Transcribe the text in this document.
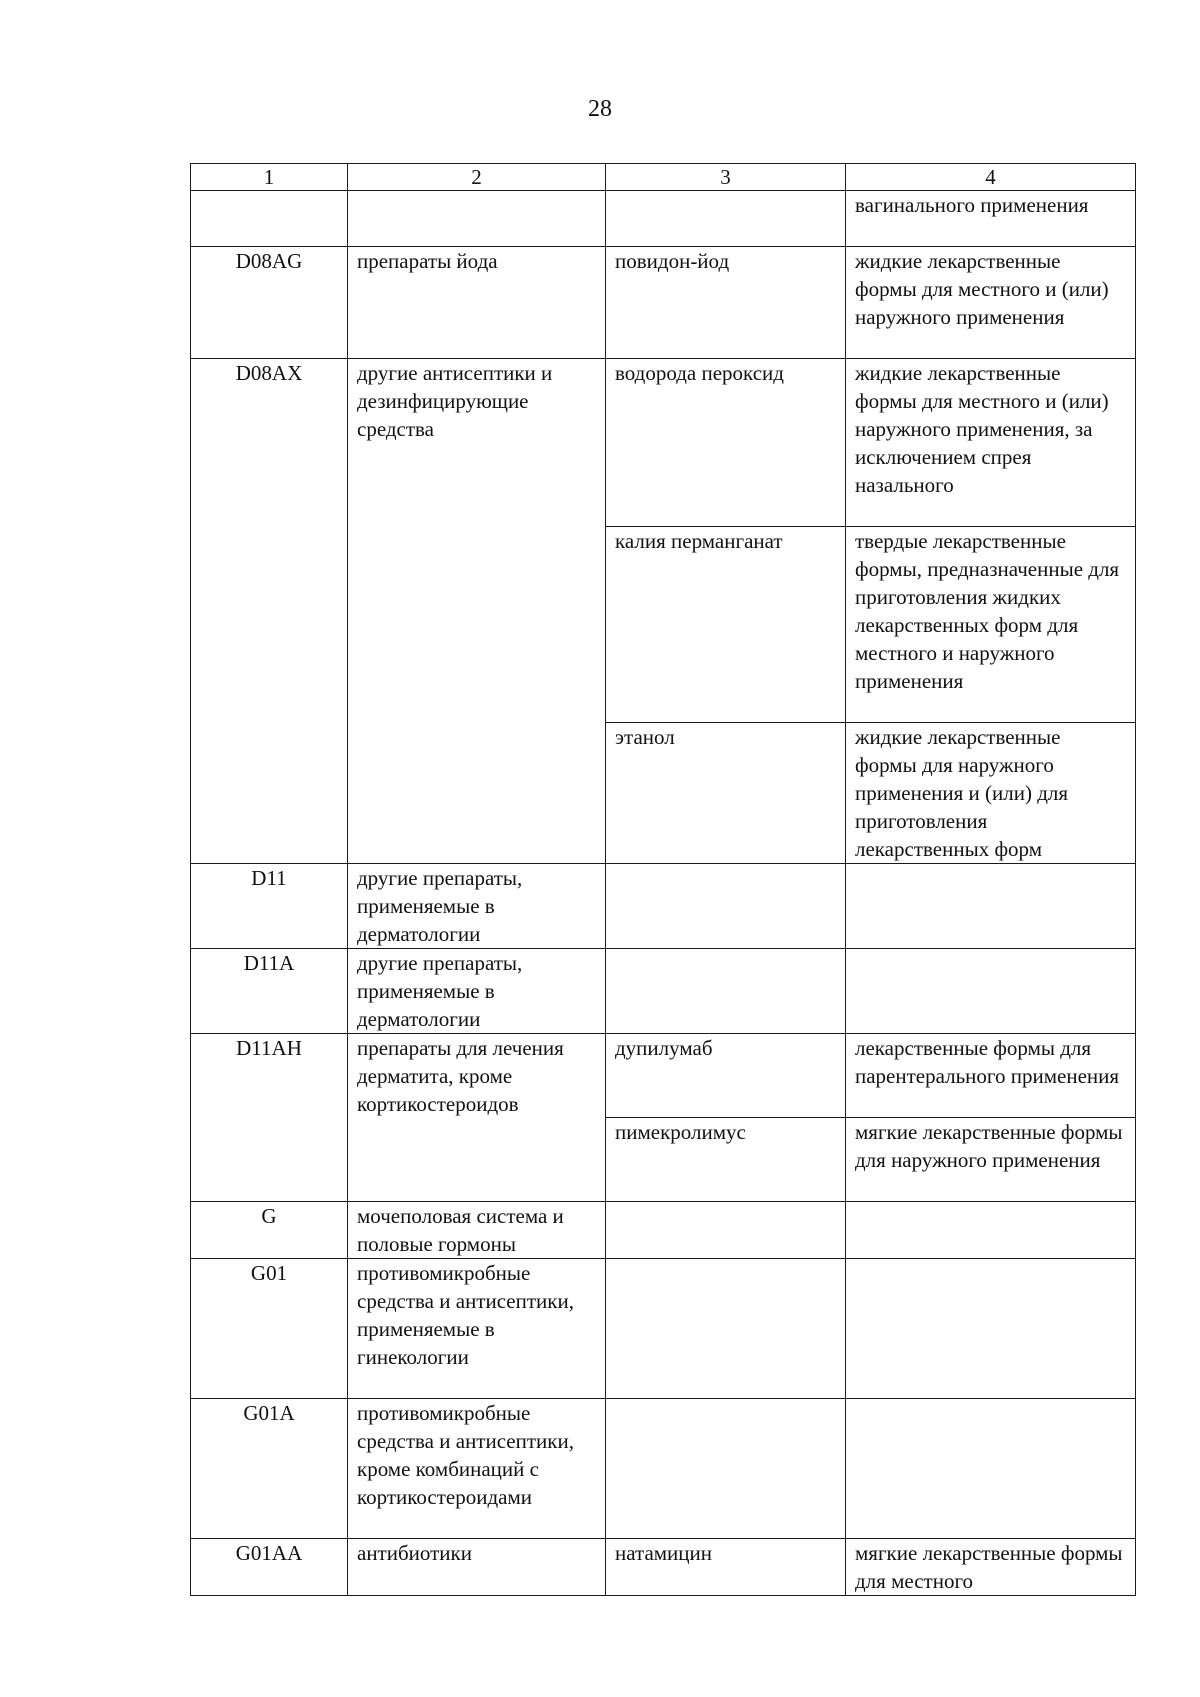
28
1	2	3	4
			вагинального применения
D08AG	препараты йода	повидон-йод	жидкие лекарственные формы для местного и (или) наружного применения
D08AX	другие антисептики и дезинфицирующие средства	водорода пероксид	жидкие лекарственные формы для местного и (или) наружного применения, за исключением спрея назального
		калия перманганат	твердые лекарственные формы, предназначенные для приготовления жидких лекарственных форм для местного и наружного применения
		этанол	жидкие лекарственные формы для наружного применения и (или) для приготовления лекарственных форм
D11	другие препараты, применяемые в дерматологии		
D11A	другие препараты, применяемые в дерматологии		
D11AH	препараты для лечения дерматита, кроме кортикостероидов	дупилумаб	лекарственные формы для парентерального применения
		пимекролимус	мягкие лекарственные формы для наружного применения
G	мочеполовая система и половые гормоны		
G01	противомикробные средства и антисептики, применяемые в гинекологии		
G01A	противомикробные средства и антисептики, кроме комбинаций с кортикостероидами		
G01AA	антибиотики	натамицин	мягкие лекарственные формы для местного
